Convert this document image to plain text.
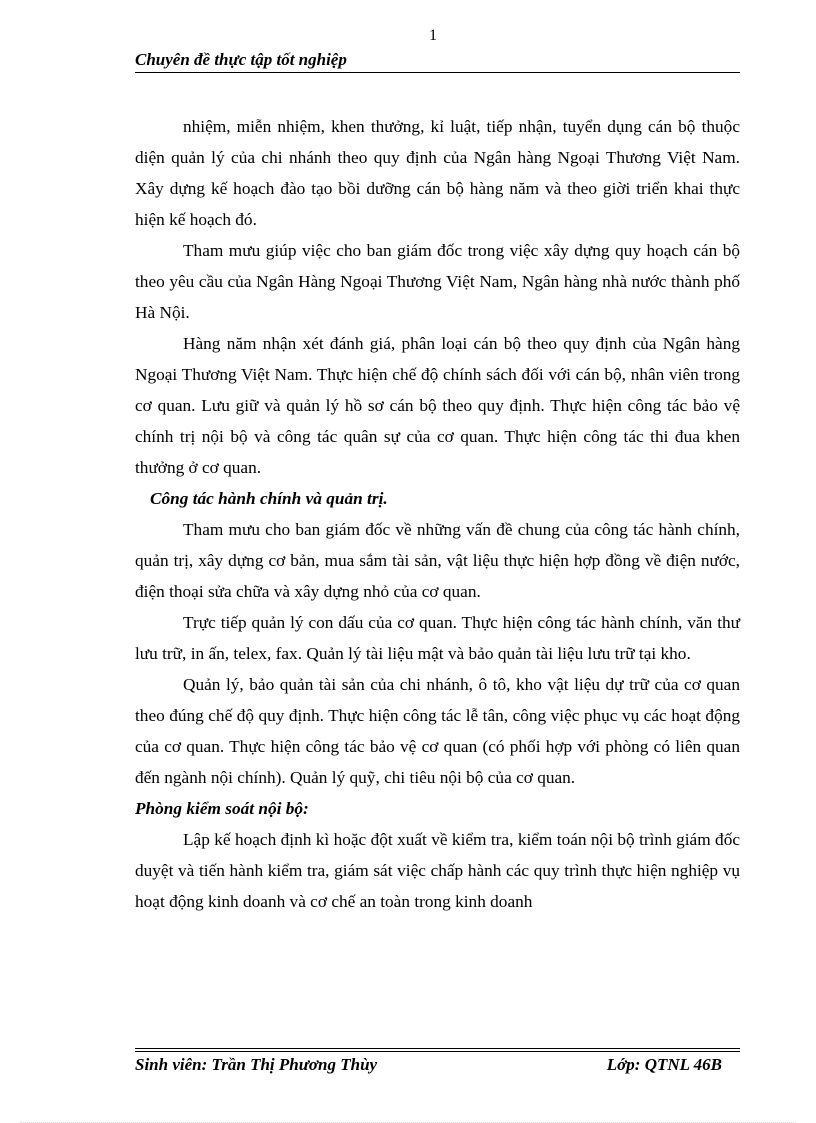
1
Chuyên đề thực tập tốt nghiệp

nhiệm, miễn nhiệm, khen thưởng, kỉ luật, tiếp nhận, tuyển dụng cán bộ thuộc diện quản lý của chi nhánh theo quy định của Ngân hàng Ngoại Thương Việt Nam. Xây dựng kế hoạch đào tạo bồi dưỡng cán bộ hàng năm và theo giời triển khai thực hiện kế hoạch đó.

Tham mưu giúp việc cho ban giám đốc trong việc xây dựng quy hoạch cán bộ theo yêu cầu của Ngân Hàng Ngoại Thương Việt Nam, Ngân hàng nhà nước thành phố Hà Nội.

Hàng năm nhận xét đánh giá, phân loại cán bộ theo quy định của Ngân hàng Ngoại Thương Việt Nam. Thực hiện chế độ chính sách đối với cán bộ, nhân viên trong cơ quan. Lưu giữ và quản lý hồ sơ cán bộ theo quy định. Thực hiện công tác bảo vệ chính trị nội bộ và công tác quân sự của cơ quan. Thực hiện công tác thi đua khen thưởng ở cơ quan.

Công tác hành chính và quản trị.

Tham mưu cho ban giám đốc về những vấn đề chung của công tác hành chính, quản trị, xây dựng cơ bản, mua sắm tài sản, vật liệu thực hiện hợp đồng về điện nước, điện thoại sửa chữa và xây dựng nhỏ của cơ quan.

Trực tiếp quản lý con dấu của cơ quan. Thực hiện công tác hành chính, văn thư lưu trữ, in ấn, telex, fax. Quản lý tài liệu mật và bảo quản tài liệu lưu trữ tại kho.

Quản lý, bảo quản tài sản của chi nhánh, ô tô, kho vật liệu dự trữ của cơ quan theo đúng chế độ quy định. Thực hiện công tác lễ tân, công việc phục vụ các hoạt động của cơ quan. Thực hiện công tác bảo vệ cơ quan (có phối hợp với phòng có liên quan đến ngành nội chính). Quản lý quỹ, chi tiêu nội bộ của cơ quan.

Phòng kiểm soát nội bộ:

Lập kế hoạch định kì hoặc đột xuất về kiểm tra, kiểm toán nội bộ trình giám đốc duyệt và tiến hành kiểm tra, giám sát việc chấp hành các quy trình thực hiện nghiệp vụ hoạt động kinh doanh và cơ chế an toàn trong kinh doanh

Sinh viên: Trần Thị Phương Thùy	Lớp: QTNL 46B
